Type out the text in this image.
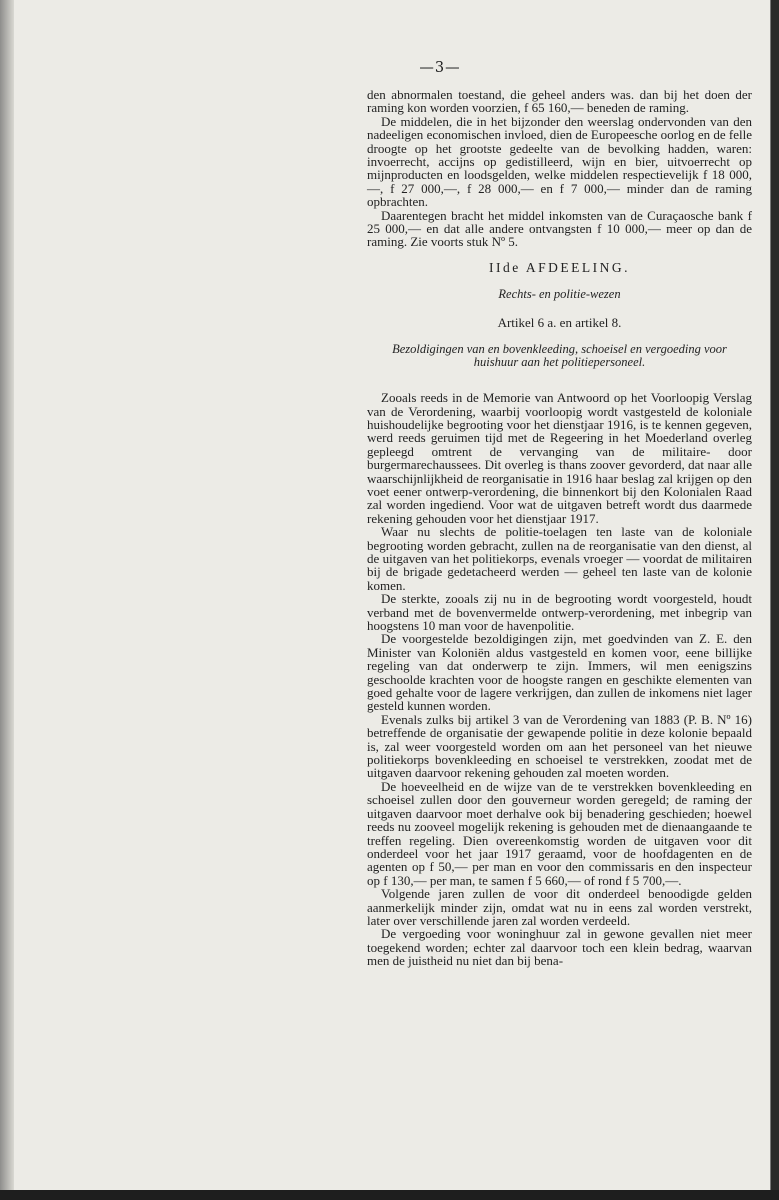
—3—

den abnormalen toestand, die geheel anders was. dan bij het doen der raming kon worden voorzien, f 65 160,— beneden de raming.

De middelen, die in het bijzonder den weerslag ondervonden van den nadeeligen economischen invloed, dien de Europeesche oorlog en de felle droogte op het grootste gedeelte van de bevolking hadden, waren: invoerrecht, accijns op gedistilleerd, wijn en bier, uitvoerrecht op mijnproducten en loodsgelden, welke middelen respectievelijk f 18 000,—, f 27 000,—, f 28 000,— en f 7 000,— minder dan de raming opbrachten.

Daarentegen bracht het middel inkomsten van de Curaçaosche bank f 25 000,— en dat alle andere ontvangsten f 10 000,— meer op dan de raming. Zie voorts stuk Nº 5.

IIde AFDEELING.
Rechts- en politie-wezen
Artikel 6 a. en artikel 8.
Bezoldigingen van en bovenkleeding, schoeisel en vergoeding voor huishuur aan het politiepersoneel.

Zooals reeds in de Memorie van Antwoord op het Voorloopig Verslag van de Verordening, waarbij voorloopig wordt vastgesteld de koloniale huishoudelijke begrooting voor het dienstjaar 1916, is te kennen gegeven, werd reeds geruimen tijd met de Regeering in het Moederland overleg gepleegd omtrent de vervanging van de militaire- door burgermarechaussees. Dit overleg is thans zoover gevorderd, dat naar alle waarschijnlijkheid de reorganisatie in 1916 haar beslag zal krijgen op den voet eener ontwerp-verordening, die binnenkort bij den Kolonialen Raad zal worden ingediend. Voor wat de uitgaven betreft wordt dus daarmede rekening gehouden voor het dienstjaar 1917.

Waar nu slechts de politie-toelagen ten laste van de koloniale begrooting worden gebracht, zullen na de reorganisatie van den dienst, al de uitgaven van het politiekorps, evenals vroeger — voordat de militairen bij de brigade gedetacheerd werden — geheel ten laste van de kolonie komen.

De sterkte, zooals zij nu in de begrooting wordt voorgesteld, houdt verband met de bovenvermelde ontwerp-verordening, met inbegrip van hoogstens 10 man voor de havenpolitie.

De voorgestelde bezoldigingen zijn, met goedvinden van Z. E. den Minister van Koloniën aldus vastgesteld en komen voor, eene billijke regeling van dat onderwerp te zijn. Immers, wil men eenigszins geschoolde krachten voor de hoogste rangen en geschikte elementen van goed gehalte voor de lagere verkrijgen, dan zullen de inkomens niet lager gesteld kunnen worden.

Evenals zulks bij artikel 3 van de Verordening van 1883 (P. B. Nº 16) betreffende de organisatie der gewapende politie in deze kolonie bepaald is, zal weer voorgesteld worden om aan het personeel van het nieuwe politiekorps bovenkleeding en schoeisel te verstrekken, zoodat met de uitgaven daarvoor rekening gehouden zal moeten worden.

De hoeveelheid en de wijze van de te verstrekken bovenkleeding en schoeisel zullen door den gouverneur worden geregeld; de raming der uitgaven daarvoor moet derhalve ook bij benadering geschieden; hoewel reeds nu zooveel mogelijk rekening is gehouden met de dienaangaande te treffen regeling. Dien overeenkomstig worden de uitgaven voor dit onderdeel voor het jaar 1917 geraamd, voor de hoofdagenten en de agenten op f 50,— per man en voor den commissaris en den inspecteur op f 130,— per man, te samen f 5 660,— of rond f 5 700,—.

Volgende jaren zullen de voor dit onderdeel benoodigde gelden aanmerkelijk minder zijn, omdat wat nu in eens zal worden verstrekt, later over verschillende jaren zal worden verdeeld.

De vergoeding voor woninghuur zal in gewone gevallen niet meer toegekend worden; echter zal daarvoor toch een klein bedrag, waarvan men de juistheid nu niet dan bij bena-
